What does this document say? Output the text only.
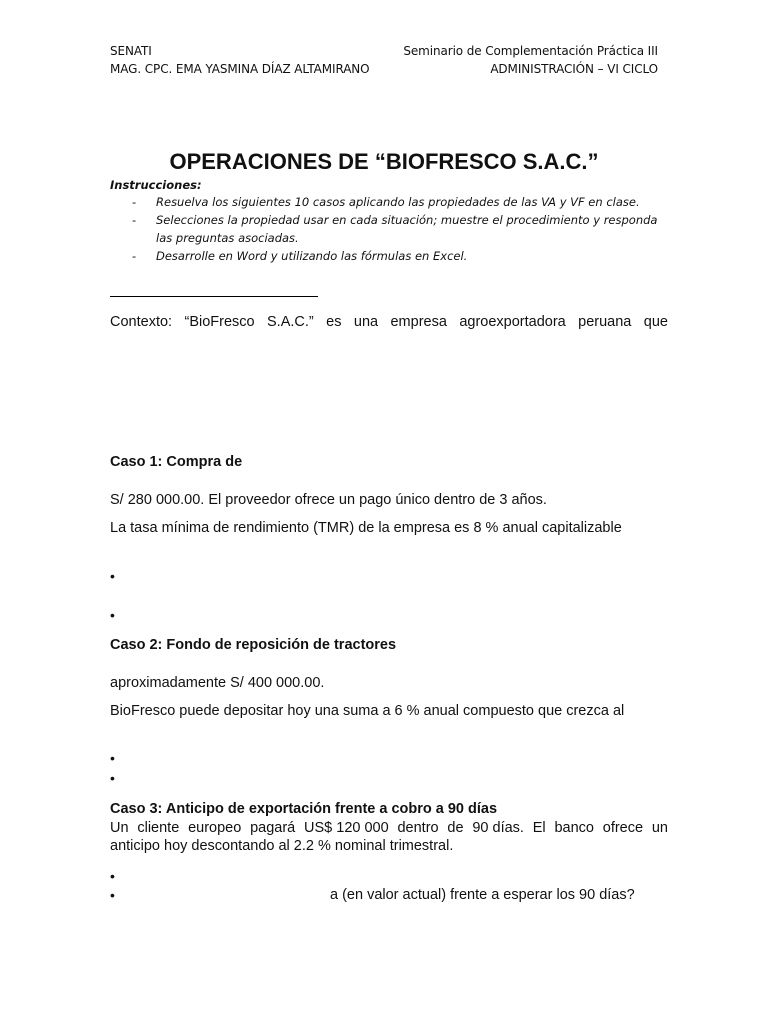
SENATI
MAG. CPC. EMA YASMINA DÍAZ ALTAMIRANO
Seminario de Complementación Práctica III
ADMINISTRACIÓN – VI CICLO
OPERACIONES DE “BIOFRESCO S.A.C.”
Instrucciones:
- Resuelva los siguientes 10 casos aplicando las propiedades de las VA y VF en clase.
- Selecciones la propiedad usar en cada situación; muestre el procedimiento y responda las preguntas asociadas.
- Desarrolle en Word y utilizando las fórmulas en Excel.
Contexto: “BioFresco S.A.C.” es una empresa agroexportadora peruana que
Caso 1: Compra de
S/ 280 000.00. El proveedor ofrece un pago único dentro de 3 años.
La tasa mínima de rendimiento (TMR) de la empresa es 8 % anual capitalizable
•
•
Caso 2: Fondo de reposición de tractores
aproximadamente S/ 400 000.00.
BioFresco puede depositar hoy una suma a 6 % anual compuesto que crezca al
•
•
Caso 3: Anticipo de exportación frente a cobro a 90 días
Un cliente europeo pagará US$ 120 000 dentro de 90 días. El banco ofrece un
anticipo hoy descontando al 2.2 % nominal trimestral.
•
•	a (en valor actual) frente a esperar los 90 días?
